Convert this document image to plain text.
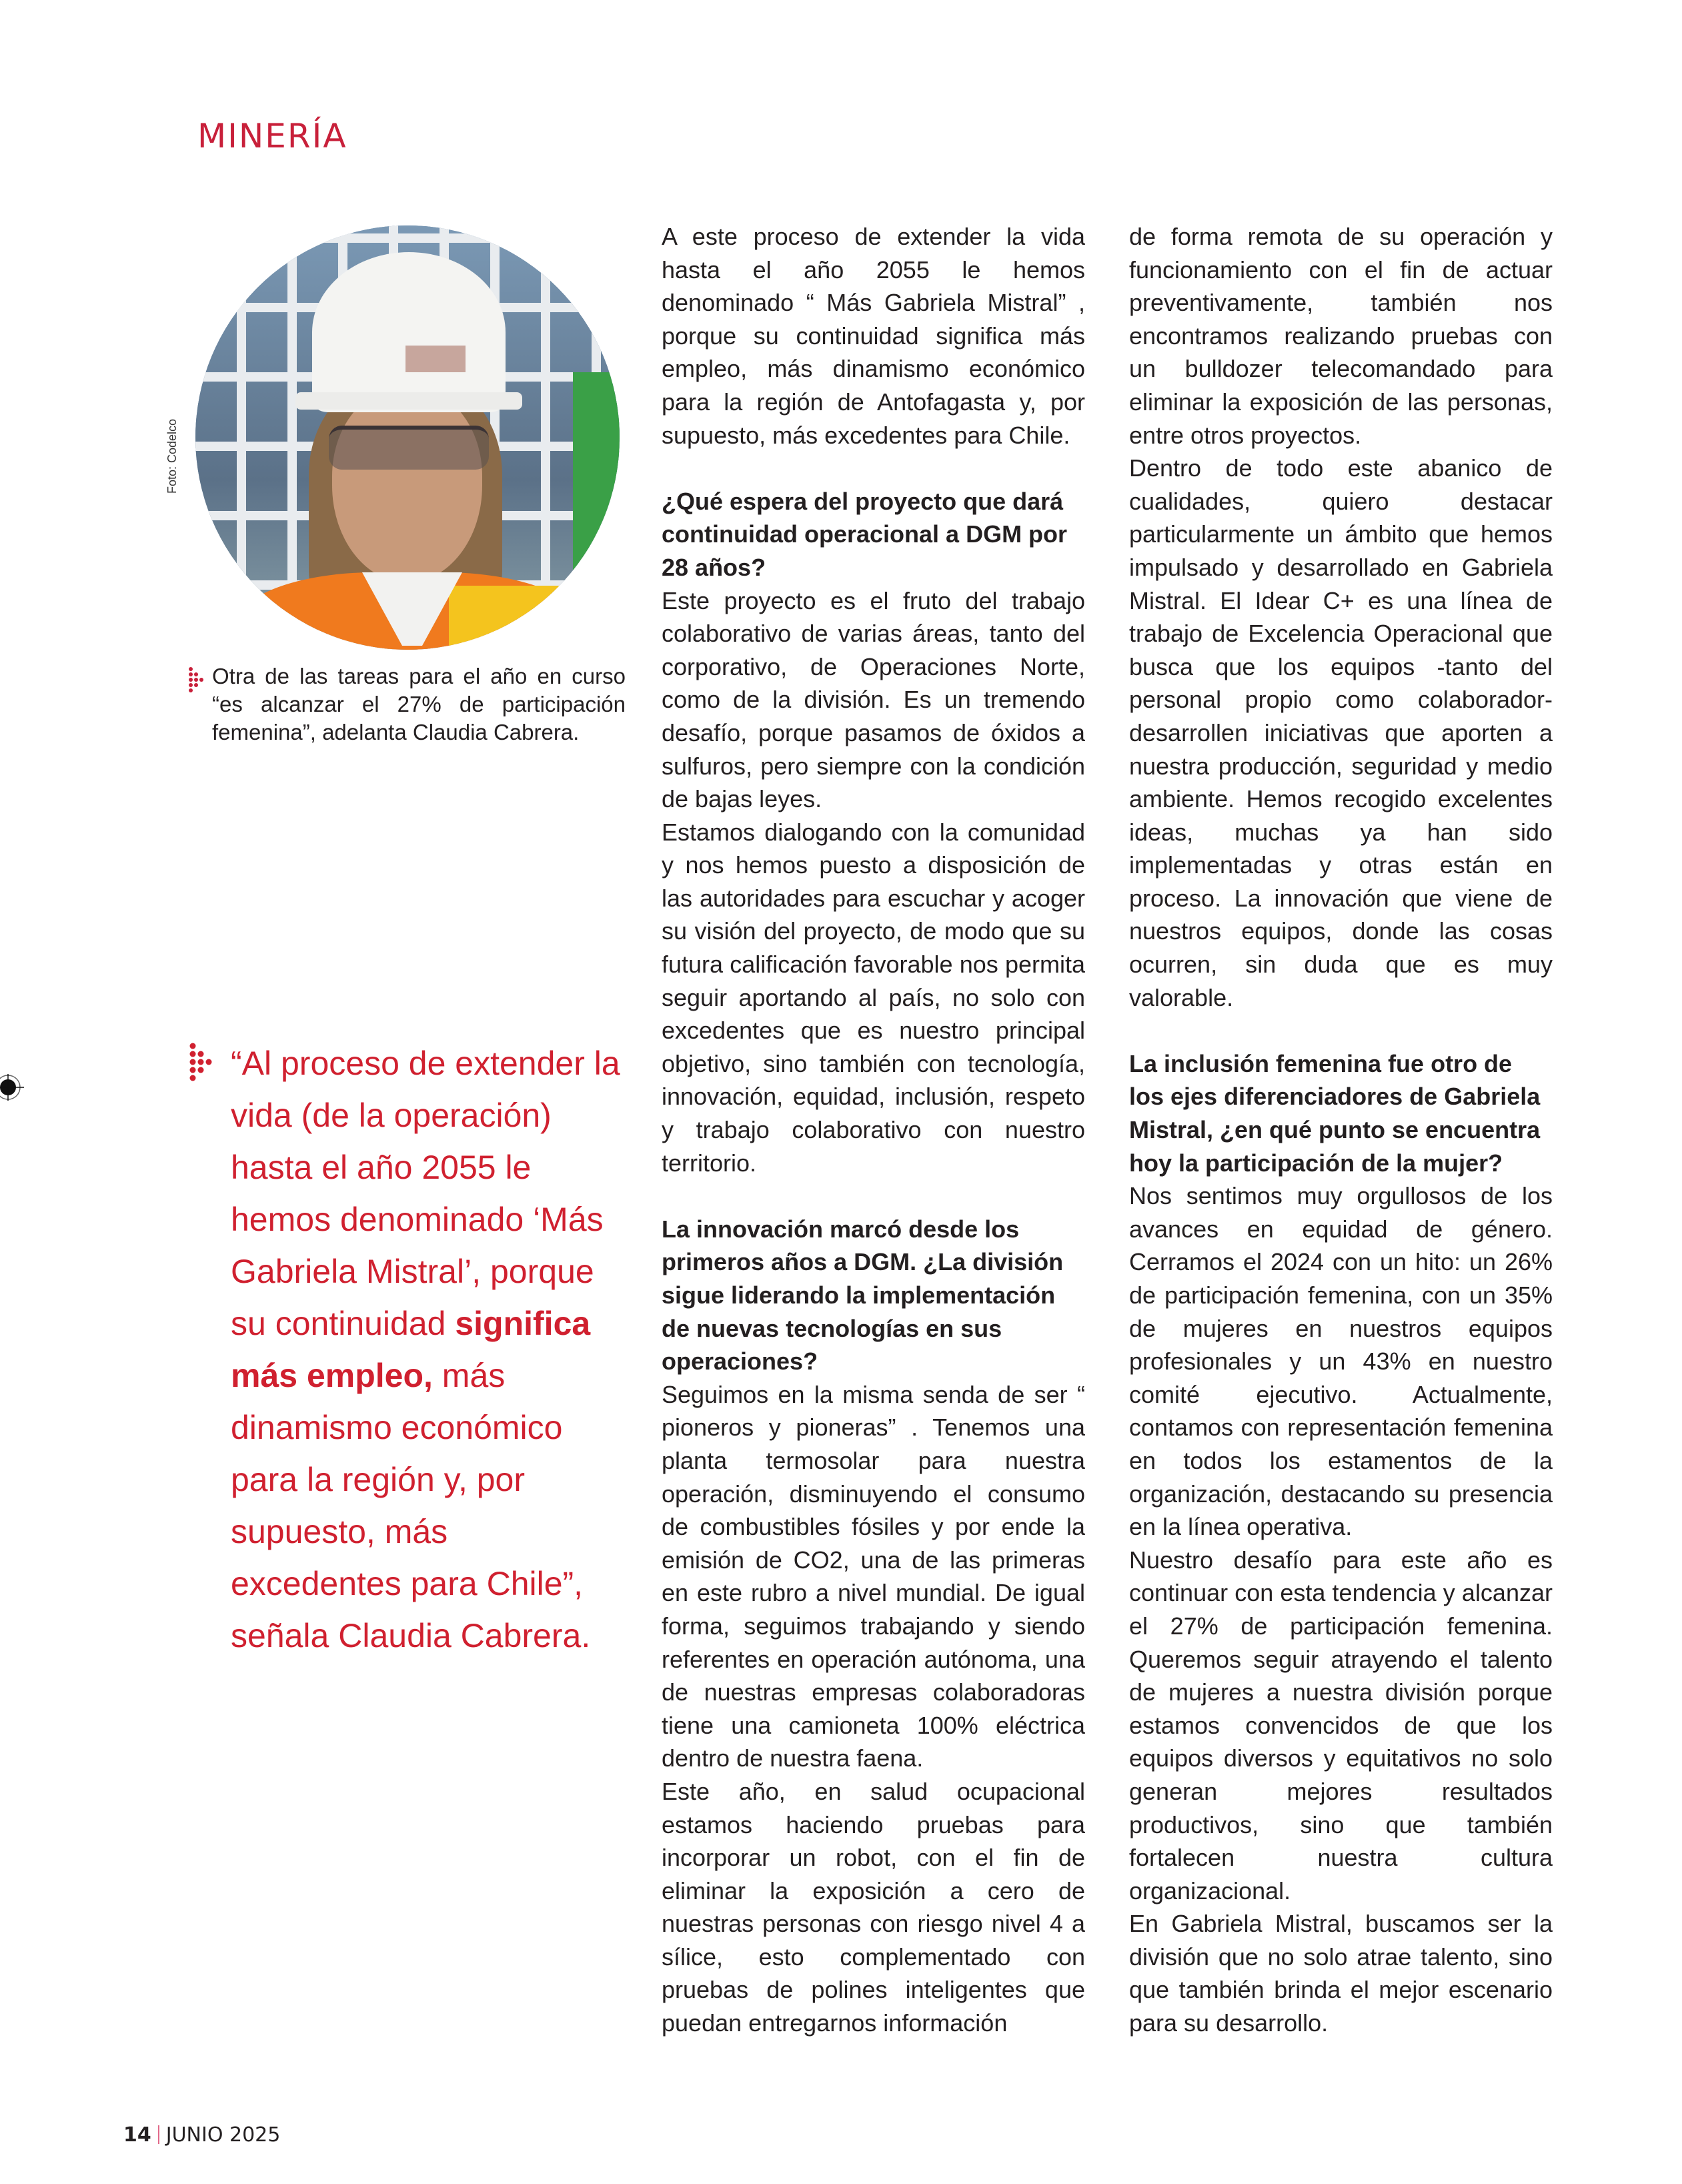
MINERÍA
Foto: Codelco
Otra de las tareas para el año en curso “es alcanzar el 27% de participación femenina”, adelanta Claudia Cabrera.
“Al proceso de extender la vida (de la operación) hasta el año 2055 le hemos denominado ‘Más Gabriela Mistral’, porque su continuidad significa más empleo, más dinamismo económico para la región y, por supuesto, más excedentes para Chile”, señala Claudia Cabrera.

A este proceso de extender la vida hasta el año 2055 le hemos denominado “ Más Gabriela Mistral” , porque su continuidad significa más empleo, más dinamismo económico para la región de Antofagasta y, por supuesto, más excedentes para Chile.

¿Qué espera del proyecto que dará continuidad operacional a DGM por 28 años?

Este proyecto es el fruto del trabajo colaborativo de varias áreas, tanto del corporativo, de Operaciones Norte, como de la división. Es un tremendo desafío, porque pasamos de óxidos a sulfuros, pero siempre con la condición de bajas leyes.

Estamos dialogando con la comunidad y nos hemos puesto a disposición de las autoridades para escuchar y acoger su visión del proyecto, de modo que su futura calificación favorable nos permita seguir aportando al país, no solo con excedentes que es nuestro principal objetivo, sino también con tecnología, innovación, equidad, inclusión, respeto y trabajo colaborativo con nuestro territorio.

La innovación marcó desde los primeros años a DGM. ¿La división sigue liderando la implementación de nuevas tecnologías en sus operaciones?

Seguimos en la misma senda de ser “ pioneros y pioneras” . Tenemos una planta termosolar para nuestra operación, disminuyendo el consumo de combustibles fósiles y por ende la emisión de CO2, una de las primeras en este rubro a nivel mundial. De igual forma, seguimos trabajando y siendo referentes en operación autónoma, una de nuestras empresas colaboradoras tiene una camioneta 100% eléctrica dentro de nuestra faena.

Este año, en salud ocupacional estamos haciendo pruebas para incorporar un robot, con el fin de eliminar la exposición a cero de nuestras personas con riesgo nivel 4 a sílice, esto complementado con pruebas de polines inteligentes que puedan entregarnos información

de forma remota de su operación y funcionamiento con el fin de actuar preventivamente, también nos encontramos realizando pruebas con un bulldozer telecomandado para eliminar la exposición de las personas, entre otros proyectos.

Dentro de todo este abanico de cualidades, quiero destacar particularmente un ámbito que hemos impulsado y desarrollado en Gabriela Mistral. El Idear C+ es una línea de trabajo de Excelencia Operacional que busca que los equipos -tanto del personal propio como colaborador- desarrollen iniciativas que aporten a nuestra producción, seguridad y medio ambiente. Hemos recogido excelentes ideas, muchas ya han sido implementadas y otras están en proceso. La innovación que viene de nuestros equipos, donde las cosas ocurren, sin duda que es muy valorable.

La inclusión femenina fue otro de los ejes diferenciadores de Gabriela Mistral, ¿en qué punto se encuentra hoy la participación de la mujer?

Nos sentimos muy orgullosos de los avances en equidad de género. Cerramos el 2024 con un hito: un 26% de participación femenina, con un 35% de mujeres en nuestros equipos profesionales y un 43% en nuestro comité ejecutivo. Actualmente, contamos con representación femenina en todos los estamentos de la organización, destacando su presencia en la línea operativa.

Nuestro desafío para este año es continuar con esta tendencia y alcanzar el 27% de participación femenina. Queremos seguir atrayendo el talento de mujeres a nuestra división porque estamos convencidos de que los equipos diversos y equitativos no solo generan mejores resultados productivos, sino que también fortalecen nuestra cultura organizacional.

En Gabriela Mistral, buscamos ser la división que no solo atrae talento, sino que también brinda el mejor escenario para su desarrollo.

14 JUNIO 2025
